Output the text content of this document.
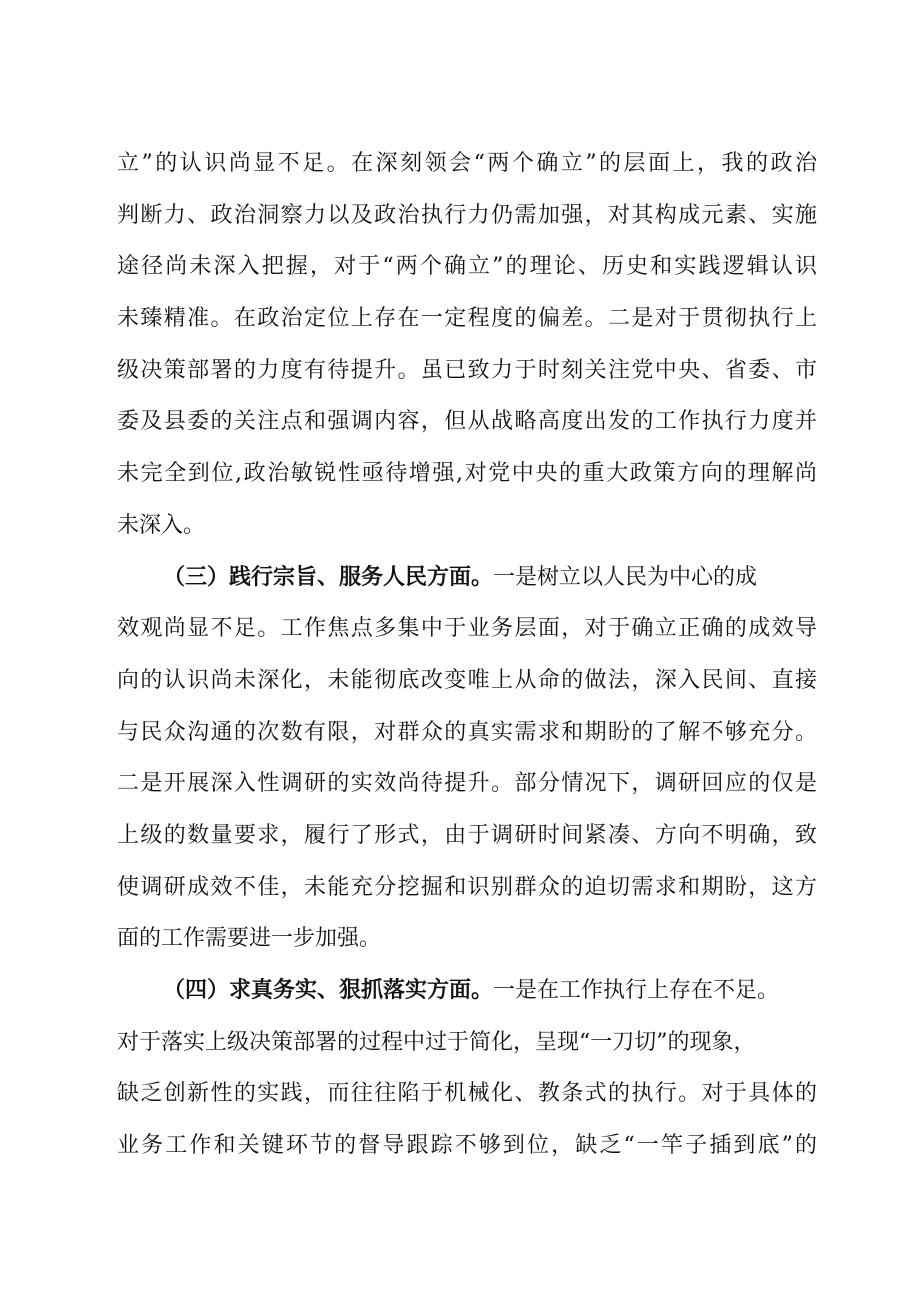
立”的认识尚显不足。在深刻领会“两个确立”的层面上，我的政治
判断力、政治洞察力以及政治执行力仍需加强，对其构成元素、实施
途径尚未深入把握，对于“两个确立”的理论、历史和实践逻辑认识
未臻精准。在政治定位上存在一定程度的偏差。二是对于贯彻执行上
级决策部署的力度有待提升。虽已致力于时刻关注党中央、省委、市
委及县委的关注点和强调内容，但从战略高度出发的工作执行力度并
未完全到位,政治敏锐性亟待增强,对党中央的重大政策方向的理解尚
未深入。
（三）践行宗旨、服务人民方面。一是树立以人民为中心的成
效观尚显不足。工作焦点多集中于业务层面，对于确立正确的成效导
向的认识尚未深化，未能彻底改变唯上从命的做法，深入民间、直接
与民众沟通的次数有限，对群众的真实需求和期盼的了解不够充分。
二是开展深入性调研的实效尚待提升。部分情况下，调研回应的仅是
上级的数量要求，履行了形式，由于调研时间紧凑、方向不明确，致
使调研成效不佳，未能充分挖掘和识别群众的迫切需求和期盼，这方
面的工作需要进一步加强。
（四）求真务实、狠抓落实方面。一是在工作执行上存在不足。
对于落实上级决策部署的过程中过于简化，呈现“一刀切”的现象，
缺乏创新性的实践，而往往陷于机械化、教条式的执行。对于具体的
业务工作和关键环节的督导跟踪不够到位，缺乏“一竿子插到底”的
